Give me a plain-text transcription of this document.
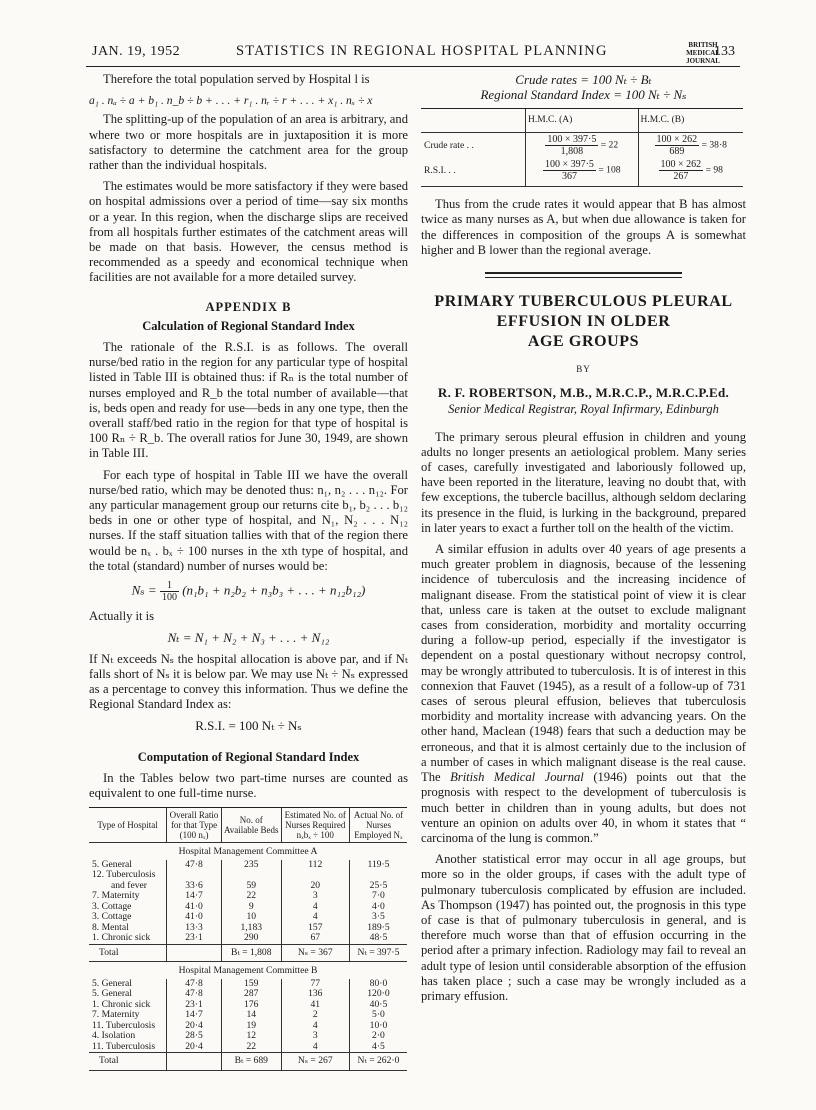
JAN. 19, 1952	STATISTICS IN REGIONAL HOSPITAL PLANNING	BRITISH
MEDICAL JOURNAL
133

Therefore the total population served by Hospital l is

a₁ . nₐ ÷ a + b₁ . n_b ÷ b + . . . + r₁ . nᵣ ÷ r + . . . + x₁ . nₓ ÷ x

The splitting-up of the population of an area is arbitrary, and where two or more hospitals are in juxtaposition it is more satisfactory to determine the catchment area for the group rather than the individual hospitals.

The estimates would be more satisfactory if they were based on hospital admissions over a period of time—say six months or a year. In this region, when the discharge slips are received from all hospitals further estimates of the catchment areas will be made on that basis. However, the census method is recommended as a speedy and economical technique when facilities are not available for a more detailed survey.

APPENDIX B
Calculation of Regional Standard Index

The rationale of the R.S.I. is as follows. The overall nurse/bed ratio in the region for any particular type of hospital listed in Table III is obtained thus: if Rₙ is the total number of nurses employed and R_b the total number of available—that is, beds open and ready for use—beds in any one type, then the overall staff/bed ratio in the region for that type of hospital is 100 Rₙ ÷ R_b. The overall ratios for June 30, 1949, are shown in Table III.

For each type of hospital in Table III we have the overall nurse/bed ratio, which may be denoted thus: n₁, n₂ . . . n₁₂. For any particular management group our returns cite b₁, b₂ . . . b₁₂ beds in one or other type of hospital, and N₁, N₂ . . . N₁₂ nurses. If the staff situation tallies with that of the region there would be nₓ . bₓ ÷ 100 nurses in the xth type of hospital, and the total (standard) number of nurses would be:

$N_s = \frac{1}{100} (n_1b_1 + n_2b_2 + n_3b_3$ + . . . + n₁₂b₁₂)

Actually it is

Nₜ = N₁ + N₂ + N₃ + . . . + N₁₂

If Nₜ exceeds Nₛ the hospital allocation is above par, and if Nₜ falls short of Nₛ it is below par. We may use Nₜ ÷ Nₛ expressed as a percentage to convey this information. Thus we define the Regional Standard Index as:

R.S.I. = 100 Nₜ ÷ Nₛ
Computation of Regional Standard Index

In the Tables below two part-time nurses are counted as equivalent to one full-time nurse.

Type of Hospital	Overall Ratio for that Type (100 nₓ)	No. of Available Beds	Estimated No. of Nurses Required nₓbₓ ÷ 100	Actual No. of Nurses Employed Nₓ
Hospital Management Committee A				
5. General	47·8	235	112	119·5
12. Tuberculosis				
and fever	33·6	59	20	25·5
7. Maternity	14·7	22	3	7·0
3. Cottage	41·0	9	4	4·0
3. Cottage	41·0	10	4	3·5
8. Mental	13·3	1,183	157	189·5
1. Chronic sick	23·1	290	67	48·5
Total		Bₜ = 1,808	Nₛ = 367	Nₜ = 397·5
Hospital Management Committee B				
5. General	47·8	159	77	80·0
5. General	47·8	287	136	120·0
1. Chronic sick	23·1	176	41	40·5
7. Maternity	14·7	14	2	5·0
11. Tuberculosis	20·4	19	4	10·0
4. Isolation	28·5	12	3	2·0
11. Tuberculosis	20·4	22	4	4·5
Total		Bₜ = 689	Nₛ = 267	Nₜ = 262·0
Crude rates = 100 Nₜ ÷ Bₜ
Regional Standard Index = 100 Nₜ ÷ Nₛ
	H.M.C. (A)	H.M.C. (B)
Crude rate . .	$\frac{100 \times 397\cdot 5}{1,808} = 22$	$\frac{100 \times 262}{689} = 38\cdot 8$
R.S.I. . .	$\frac{100 \times 397\cdot 5}{367} = 108$	$\frac{100 \times 262}{267} = 98$

Thus from the crude rates it would appear that B has almost twice as many nurses as A, but when due allowance is taken for the differences in composition of the groups A is somewhat higher and B lower than the regional average.

PRIMARY TUBERCULOUS PLEURAL
EFFUSION IN OLDER
AGE GROUPS
BY
R. F. ROBERTSON, M.B., M.R.C.P., M.R.C.P.Ed.
Senior Medical Registrar, Royal Infirmary, Edinburgh

The primary serous pleural effusion in children and young adults no longer presents an aetiological problem. Many series of cases, carefully investigated and laboriously followed up, have been reported in the literature, leaving no doubt that, with few exceptions, the tubercle bacillus, although seldom declaring its presence in the fluid, is lurking in the background, prepared in later years to exact a further toll on the health of the victim.

A similar effusion in adults over 40 years of age presents a much greater problem in diagnosis, because of the lessening incidence of tuberculosis and the increasing incidence of malignant disease. From the statistical point of view it is clear that, unless care is taken at the outset to exclude malignant cases from consideration, morbidity and mortality occurring during a follow-up period, especially if the investigator is dependent on a postal questionary without necropsy control, may be wrongly attributed to tuberculosis. It is of interest in this connexion that Fauvet (1945), as a result of a follow-up of 731 cases of serous pleural effusion, believes that tuberculosis morbidity and mortality increase with advancing years. On the other hand, Maclean (1948) fears that such a deduction may be erroneous, and that it is almost certainly due to the inclusion of a number of cases in which malignant disease is the real cause. The British Medical Journal (1946) points out that the prognosis with respect to the development of tuberculosis is much better in children than in young adults, but does not venture an opinion on adults over 40, in whom it states that “ carcinoma of the lung is common.”

Another statistical error may occur in all age groups, but more so in the older groups, if cases with the adult type of pulmonary tuberculosis complicated by effusion are included. As Thompson (1947) has pointed out, the prognosis in this type of case is that of pulmonary tuberculosis in general, and is therefore much worse than that of effusion occurring in the period after a primary infection. Radiology may fail to reveal an adult type of lesion until considerable absorption of the effusion has taken place ; such a case may be wrongly included as a primary effusion.
